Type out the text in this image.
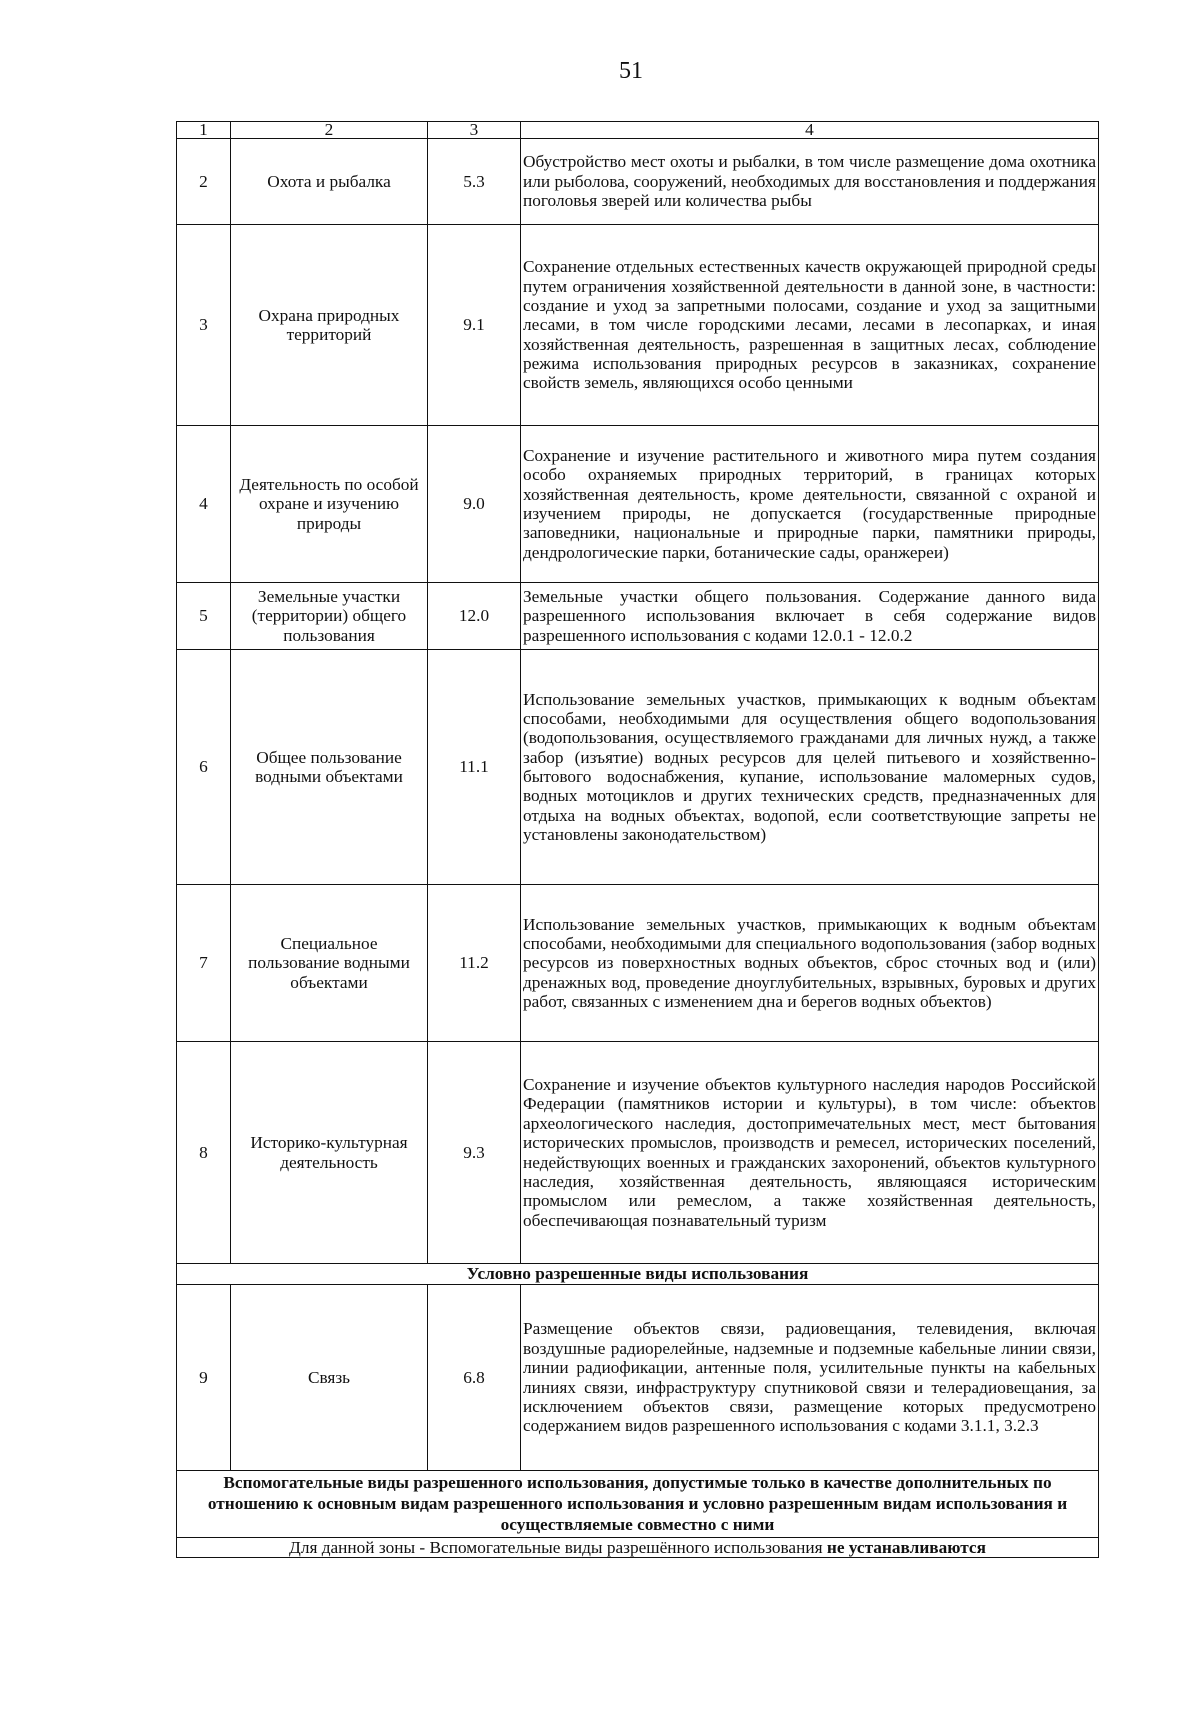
51
1	2	3	4
2	Охота и рыбалка	5.3	Обустройство мест охоты и рыбалки, в том числе размещение дома охотника или рыболова, сооружений, необходимых для восстановления и поддержания поголовья зверей или количества рыбы
3	Охрана природных территорий	9.1	Сохранение отдельных естественных качеств окружающей природной среды путем ограничения хозяйственной деятельности в данной зоне, в частности: создание и уход за запретными полосами, создание и уход за защитными лесами, в том числе городскими лесами, лесами в лесопарках, и иная хозяйственная деятельность, разрешенная в защитных лесах, соблюдение режима использования природных ресурсов в заказниках, сохранение свойств земель, являющихся особо ценными
4	Деятельность по особой охране и изучению природы	9.0	Сохранение и изучение растительного и животного мира путем создания особо охраняемых природных территорий, в границах которых хозяйственная деятельность, кроме деятельности, связанной с охраной и изучением природы, не допускается (государственные природные заповедники, национальные и природные парки, памятники природы, дендрологические парки, ботанические сады, оранжереи)
5	Земельные участки (территории) общего пользования	12.0	Земельные участки общего пользования. Содержание данного вида разрешенного использования включает в себя содержание видов разрешенного использования с кодами 12.0.1 - 12.0.2
6	Общее пользование водными объектами	11.1	Использование земельных участков, примыкающих к водным объектам способами, необходимыми для осуществления общего водопользования (водопользования, осуществляемого гражданами для личных нужд, а также забор (изъятие) водных ресурсов для целей питьевого и хозяйственно-бытового водоснабжения, купание, использование маломерных судов, водных мотоциклов и других технических средств, предназначенных для отдыха на водных объектах, водопой, если соответствующие запреты не установлены законодательством)
7	Специальное пользование водными объектами	11.2	Использование земельных участков, примыкающих к водным объектам способами, необходимыми для специального водопользования (забор водных ресурсов из поверхностных водных объектов, сброс сточных вод и (или) дренажных вод, проведение дноуглубительных, взрывных, буровых и других работ, связанных с изменением дна и берегов водных объектов)
8	Историко-культурная деятельность	9.3	Сохранение и изучение объектов культурного наследия народов Российской Федерации (памятников истории и культуры), в том числе: объектов археологического наследия, достопримечательных мест, мест бытования исторических промыслов, производств и ремесел, исторических поселений, недействующих военных и гражданских захоронений, объектов культурного наследия, хозяйственная деятельность, являющаяся историческим промыслом или ремеслом, а также хозяйственная деятельность, обеспечивающая познавательный туризм
Условно разрешенные виды использования			
9	Связь	6.8	Размещение объектов связи, радиовещания, телевидения, включая воздушные радиорелейные, надземные и подземные кабельные линии связи, линии радиофикации, антенные поля, усилительные пункты на кабельных линиях связи, инфраструктуру спутниковой связи и телерадиовещания, за исключением объектов связи, размещение которых предусмотрено содержанием видов разрешенного использования с кодами 3.1.1, 3.2.3
Вспомогательные виды разрешенного использования, допустимые только в качестве дополнительных по отношению к основным видам разрешенного использования и условно разрешенным видам использования и осуществляемые совместно с ними			
Для данной зоны - Вспомогательные виды разрешённого использования не устанавливаются			
